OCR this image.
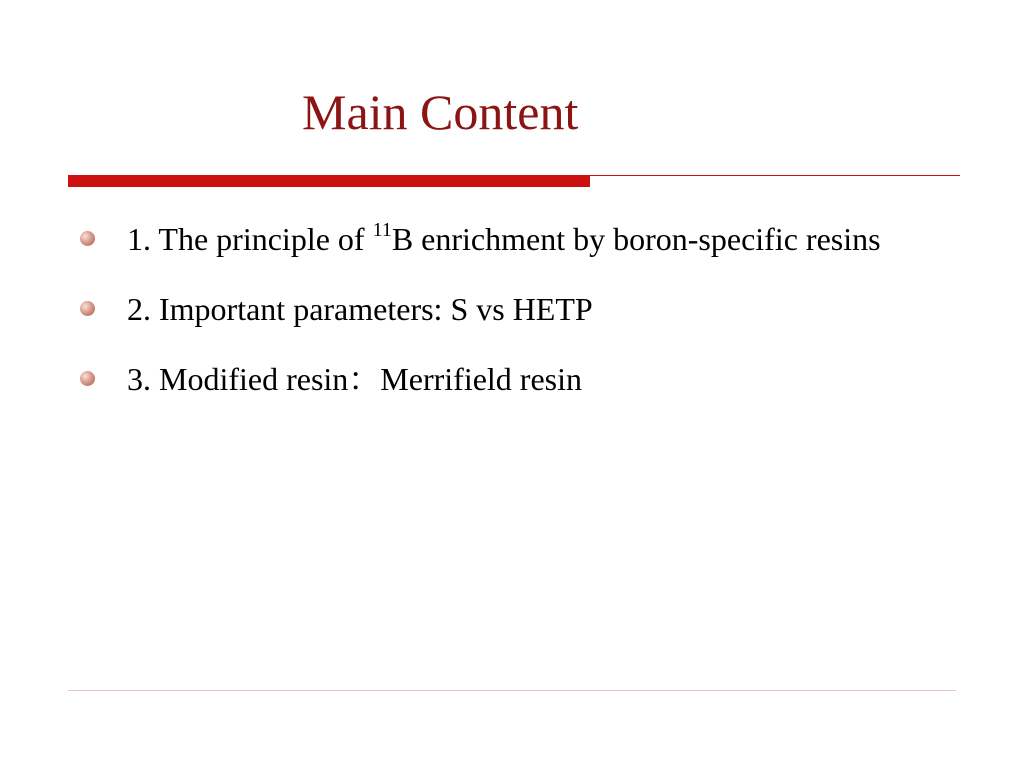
Main Content
1. The principle of $^{11}$B enrichment by boron-specific resins
2. Important parameters: S vs HETP
3. Modified resin：Merrifield resin
